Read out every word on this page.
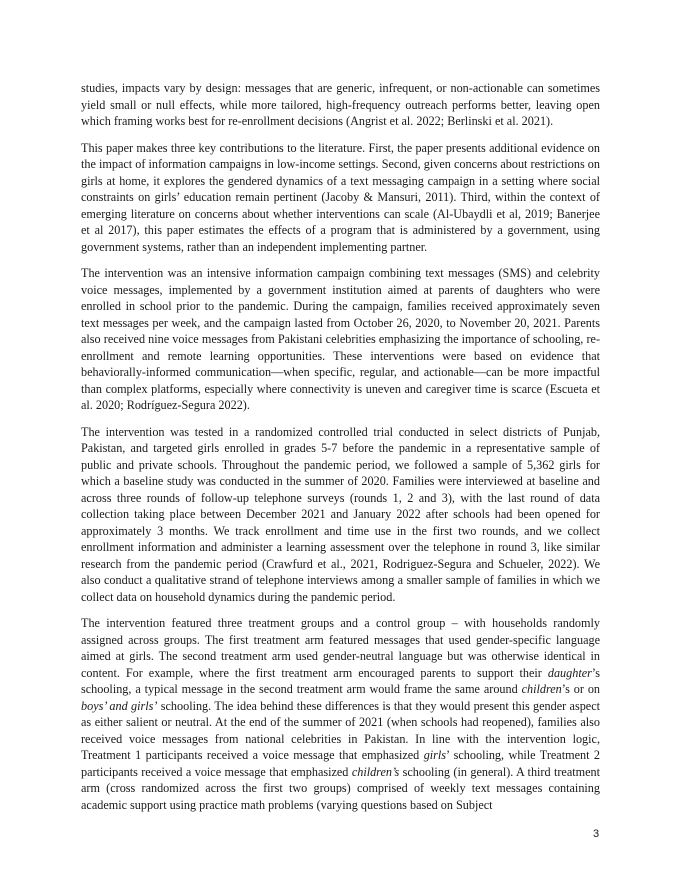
studies, impacts vary by design: messages that are generic, infrequent, or non-actionable can sometimes yield small or null effects, while more tailored, high-frequency outreach performs better, leaving open which framing works best for re-enrollment decisions (Angrist et al. 2022; Berlinski et al. 2021).

This paper makes three key contributions to the literature. First, the paper presents additional evidence on the impact of information campaigns in low-income settings. Second, given concerns about restrictions on girls at home, it explores the gendered dynamics of a text messaging campaign in a setting where social constraints on girls’ education remain pertinent (Jacoby & Mansuri, 2011). Third, within the context of emerging literature on concerns about whether interventions can scale (Al-Ubaydli et al, 2019; Banerjee et al 2017), this paper estimates the effects of a program that is administered by a government, using government systems, rather than an independent implementing partner.

The intervention was an intensive information campaign combining text messages (SMS) and celebrity voice messages, implemented by a government institution aimed at parents of daughters who were enrolled in school prior to the pandemic. During the campaign, families received approximately seven text messages per week, and the campaign lasted from October 26, 2020, to November 20, 2021. Parents also received nine voice messages from Pakistani celebrities emphasizing the importance of schooling, re-enrollment and remote learning opportunities. These interventions were based on evidence that behaviorally-informed communication—when specific, regular, and actionable—can be more impactful than complex platforms, especially where connectivity is uneven and caregiver time is scarce (Escueta et al. 2020; Rodríguez-Segura 2022).

The intervention was tested in a randomized controlled trial conducted in select districts of Punjab, Pakistan, and targeted girls enrolled in grades 5-7 before the pandemic in a representative sample of public and private schools. Throughout the pandemic period, we followed a sample of 5,362 girls for which a baseline study was conducted in the summer of 2020. Families were interviewed at baseline and across three rounds of follow-up telephone surveys (rounds 1, 2 and 3), with the last round of data collection taking place between December 2021 and January 2022 after schools had been opened for approximately 3 months. We track enrollment and time use in the first two rounds, and we collect enrollment information and administer a learning assessment over the telephone in round 3, like similar research from the pandemic period (Crawfurd et al., 2021, Rodriguez-Segura and Schueler, 2022). We also conduct a qualitative strand of telephone interviews among a smaller sample of families in which we collect data on household dynamics during the pandemic period.

The intervention featured three treatment groups and a control group – with households randomly assigned across groups. The first treatment arm featured messages that used gender-specific language aimed at girls. The second treatment arm used gender-neutral language but was otherwise identical in content. For example, where the first treatment arm encouraged parents to support their daughter’s schooling, a typical message in the second treatment arm would frame the same around children’s or on boys’ and girls’ schooling. The idea behind these differences is that they would present this gender aspect as either salient or neutral. At the end of the summer of 2021 (when schools had reopened), families also received voice messages from national celebrities in Pakistan. In line with the intervention logic, Treatment 1 participants received a voice message that emphasized girls’ schooling, while Treatment 2 participants received a voice message that emphasized children’s schooling (in general). A third treatment arm (cross randomized across the first two groups) comprised of weekly text messages containing academic support using practice math problems (varying questions based on Subject

3
